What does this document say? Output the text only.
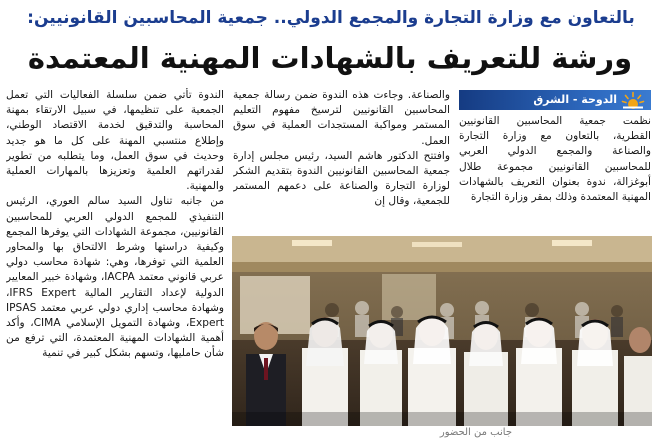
بالتعاون مع وزارة التجارة والمجمع الدولي.. جمعية المحاسبين القانونيين:
ورشة للتعريف بالشهادات المهنية المعتمدة
الدوحة - الشرق

نظمت جمعية المحاسبين القانونيين القطرية، بالتعاون مع وزارة التجارة والصناعة والمجمع الدولي العربي للمحاسبين القانونيين مجموعة طلال أبوغزالة، ندوة بعنوان التعريف بالشهادات المهنية المعتمدة وذلك بمقر وزارة التجارة

والصناعة. وجاءت هذه الندوة ضمن رسالة جمعية المحاسبين القانونيين لترسيخ مفهوم التعليم المستمر ومواكبة المستجدات العملية في سوق العمل.

وافتتح الدكتور هاشم السيد، رئيس مجلس إدارة جمعية المحاسبين القانونيين الندوة بتقديم الشكر لوزارة التجارة والصناعة على دعمهم المستمر للجمعية، وقال إن

الندوة تأتي ضمن سلسلة الفعاليات التي تعمل الجمعية على تنظيمها، في سبيل الارتقاء بمهنة المحاسبة والتدقيق لخدمة الاقتصاد الوطني، وإطلاع منتسبي المهنة على كل ما هو جديد وحديث في سوق العمل، وما يتطلبه من تطوير لقدراتهم العلمية وتعزيزها بالمهارات العملية والمهنية.

من جانبه تناول السيد سالم العوري، الرئيس التنفيذي للمجمع الدولي العربي للمحاسبين القانونيين، مجموعة الشهادات التي يوفرها المجمع وكيفية دراستها وشرط الالتحاق بها والمحاور العلمية التي توفرها، وهي: شهادة محاسب دولي عربي قانوني معتمد IACPA، وشهادة خبير المعايير الدولية لإعداد التقارير المالية IFRS Expert، وشهادة محاسب إداري دولي عربي معتمد IPSAS Expert، وشهادة التمويل الإسلامي CIMA، وأكد أهمية الشهادات المهنية المعتمدة، التي ترفع من شأن حامليها، وتسهم بشكل كبير في تنمية

جانب من الحضور
